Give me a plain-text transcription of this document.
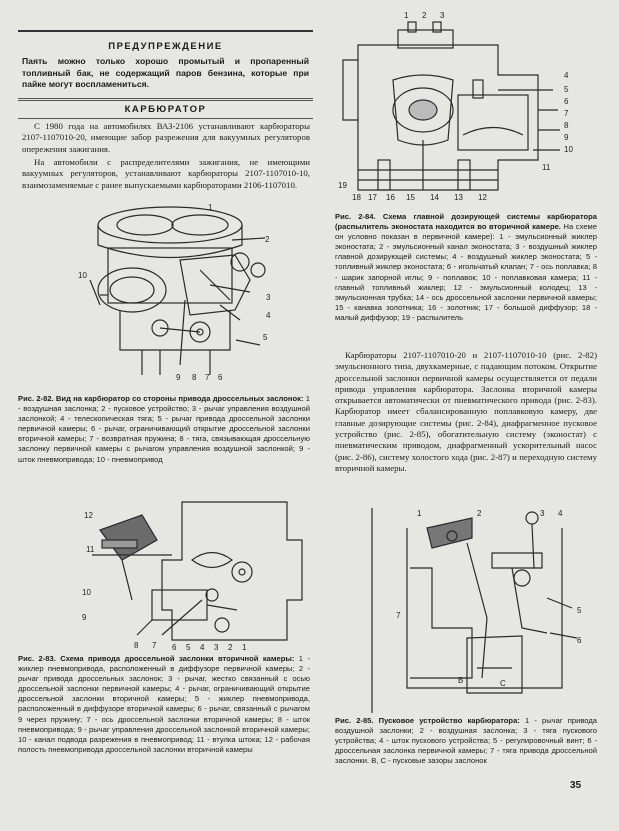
ПРЕДУПРЕЖДЕНИЕ
Паять можно только хорошо промытый и пропаренный топливный бак, не содержащий паров бензина, которые при пайке могут воспламениться.
КАРБЮРАТОР
С 1980 года на автомобилях ВАЗ-2106 устанавливают карбюраторы 2107-1107010-20, имеющие забор разрежения для вакуумных регуляторов опережения зажигания.
На автомобили с распределителями зажигания, не имеющими вакуумных регуляторов, устанавливают карбюраторы 2107-1107010-10, взаимозаменяемые с ранее выпускаемыми карбюраторами 2106-1107010.
1
2
3
4
5
6
7
8
9
10
Рис. 2-82. Вид на карбюратор со стороны привода дроссельных заслонок: 1 - воздушная заслонка; 2 - пусковое устройство; 3 - рычаг управления воздушной заслонкой; 4 - телескопическая тяга; 5 - рычаг привода дроссельной заслонки первичной камеры; 6 - рычаг, ограничивающий открытие дроссельной заслонки вторичной камеры; 7 - возвратная пружина; 8 - тяга, связывающая дроссельную заслонку первичной камеры с рычагом управления воздушной заслонкой; 9 - шток пневмопривода; 10 - пневмопривод
1
2
3
4
5
6
7
8
9
10
11
12
Рис. 2-83. Схема привода дроссельной заслонки вторичной камеры: 1 - жиклер пневмопривода, расположенный в диффузоре первичной камеры; 2 - рычаг привода дроссельных заслонок; 3 - рычаг, жестко связанный с осью дроссельной заслонки первичной камеры; 4 - рычаг, ограничивающий открытие дроссельной заслонки вторичной камеры; 5 - жиклер пневмопривода, расположенный в диффузоре вторичной камеры; 6 - рычаг, связанный с рычагом 9 через пружину; 7 - ось дроссельной заслонки вторичной камеры; 8 - шток пневмопривода; 9 - рычаг управления дроссельной заслонкой вторичной камеры; 10 - канал подвода разрежения в пневмопривод; 11 - втулка штока; 12 - рабочая полость пневмопривода дроссельной заслонки вторичной камеры
4
5
6
7
8
9
10
11
1 2 3
19
18 17 16 15 14 13 12
Рис. 2-84. Схема главной дозирующей системы карбюратора (распылитель эконостата находится во вторичной камере. На схеме он условно показан в первичной камере): 1 - эмульсионный жиклер эконостата; 2 - эмульсионный канал эконостата; 3 - воздушный жиклер главной дозирующей системы; 4 - воздушный жиклер эконостата; 5 - топливный жиклер эконостата; 6 - игольчатый клапан; 7 - ось поплавка; 8 - шарик запорной иглы; 9 - поплавок; 10 - поплавковая камера; 11 - главный топливный жиклер; 12 - эмульсионный колодец; 13 - эмульсионная трубка; 14 - ось дроссельной заслонки первичной камеры; 15 - канавка золотника; 16 - золотник; 17 - большой диффузор; 18 - малый диффузор; 19 - распылитель
Карбюраторы 2107-1107010-20 и 2107-1107010-10 (рис. 2-82) эмульсионного типа, двухкамерные, с падающим потоком. Открытие дроссельной заслонки первичной камеры осуществляется от педали привода управления карбюратора. Заслонка вторичной камеры открывается автоматически от пневматического привода (рис. 2-83). Карбюратор имеет сбалансированную поплавковую камеру, две главные дозирующие системы (рис. 2-84), диафрагменное пусковое устройство (рис. 2-85), обогатительную систему (эконостат) с пневматическим приводом, диафрагменный ускорительный насос (рис. 2-86), систему холостого хода (рис. 2-87) и переходную систему вторичной камеры.
1	2	3 4
5
6
7
В	С
Рис. 2-85. Пусковое устройство карбюратора: 1 - рычаг привода воздушной заслонки; 2 - воздушная заслонка; 3 - тяга пускового устройства; 4 - шток пускового устройства; 5 - регулировочный винт; 6 - дроссельная заслонка первичной камеры; 7 - тяга привода дроссельной заслонки. В, С - пусковые зазоры заслонок
35
